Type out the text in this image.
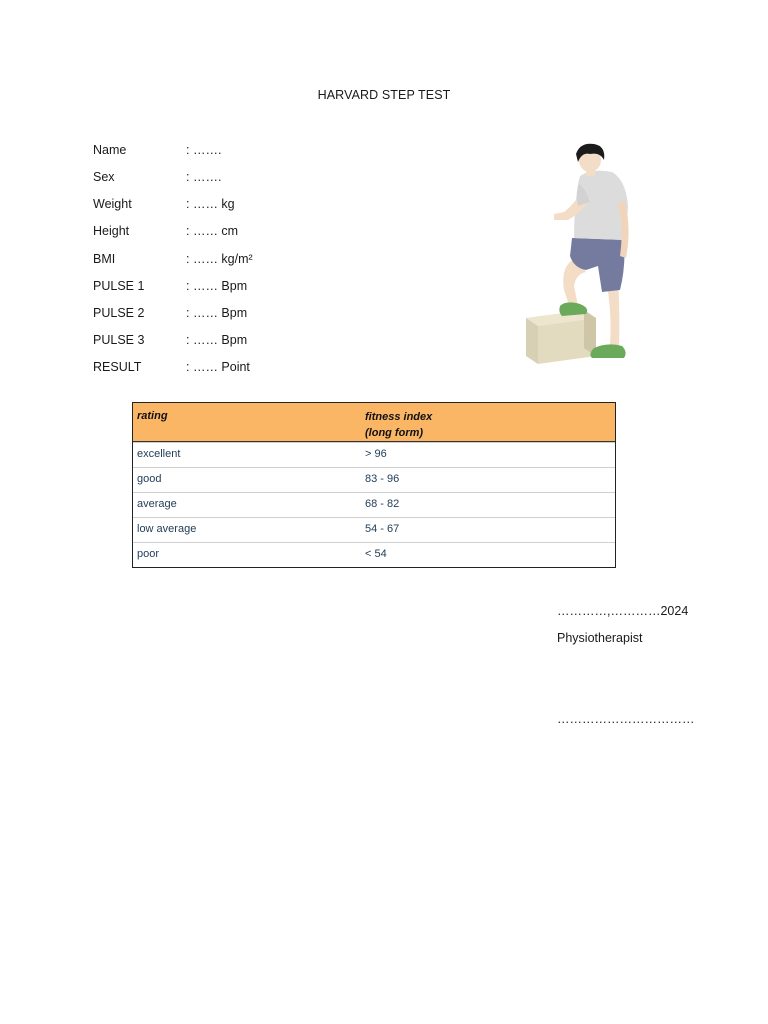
HARVARD STEP TEST
Name	: …….
Sex	: …….
Weight	: …… kg
Height	: …… cm
BMI	: …… kg/m²
PULSE 1	: …… Bpm
PULSE 2	: …… Bpm
PULSE 3	: …… Bpm
RESULT	: …… Point
rating	fitness index
(long form)
excellent	> 96
good	83 - 96
average	68 - 82
low average	54 - 67
poor	< 54
…………,…………2024
Physiotherapist
……………………………
